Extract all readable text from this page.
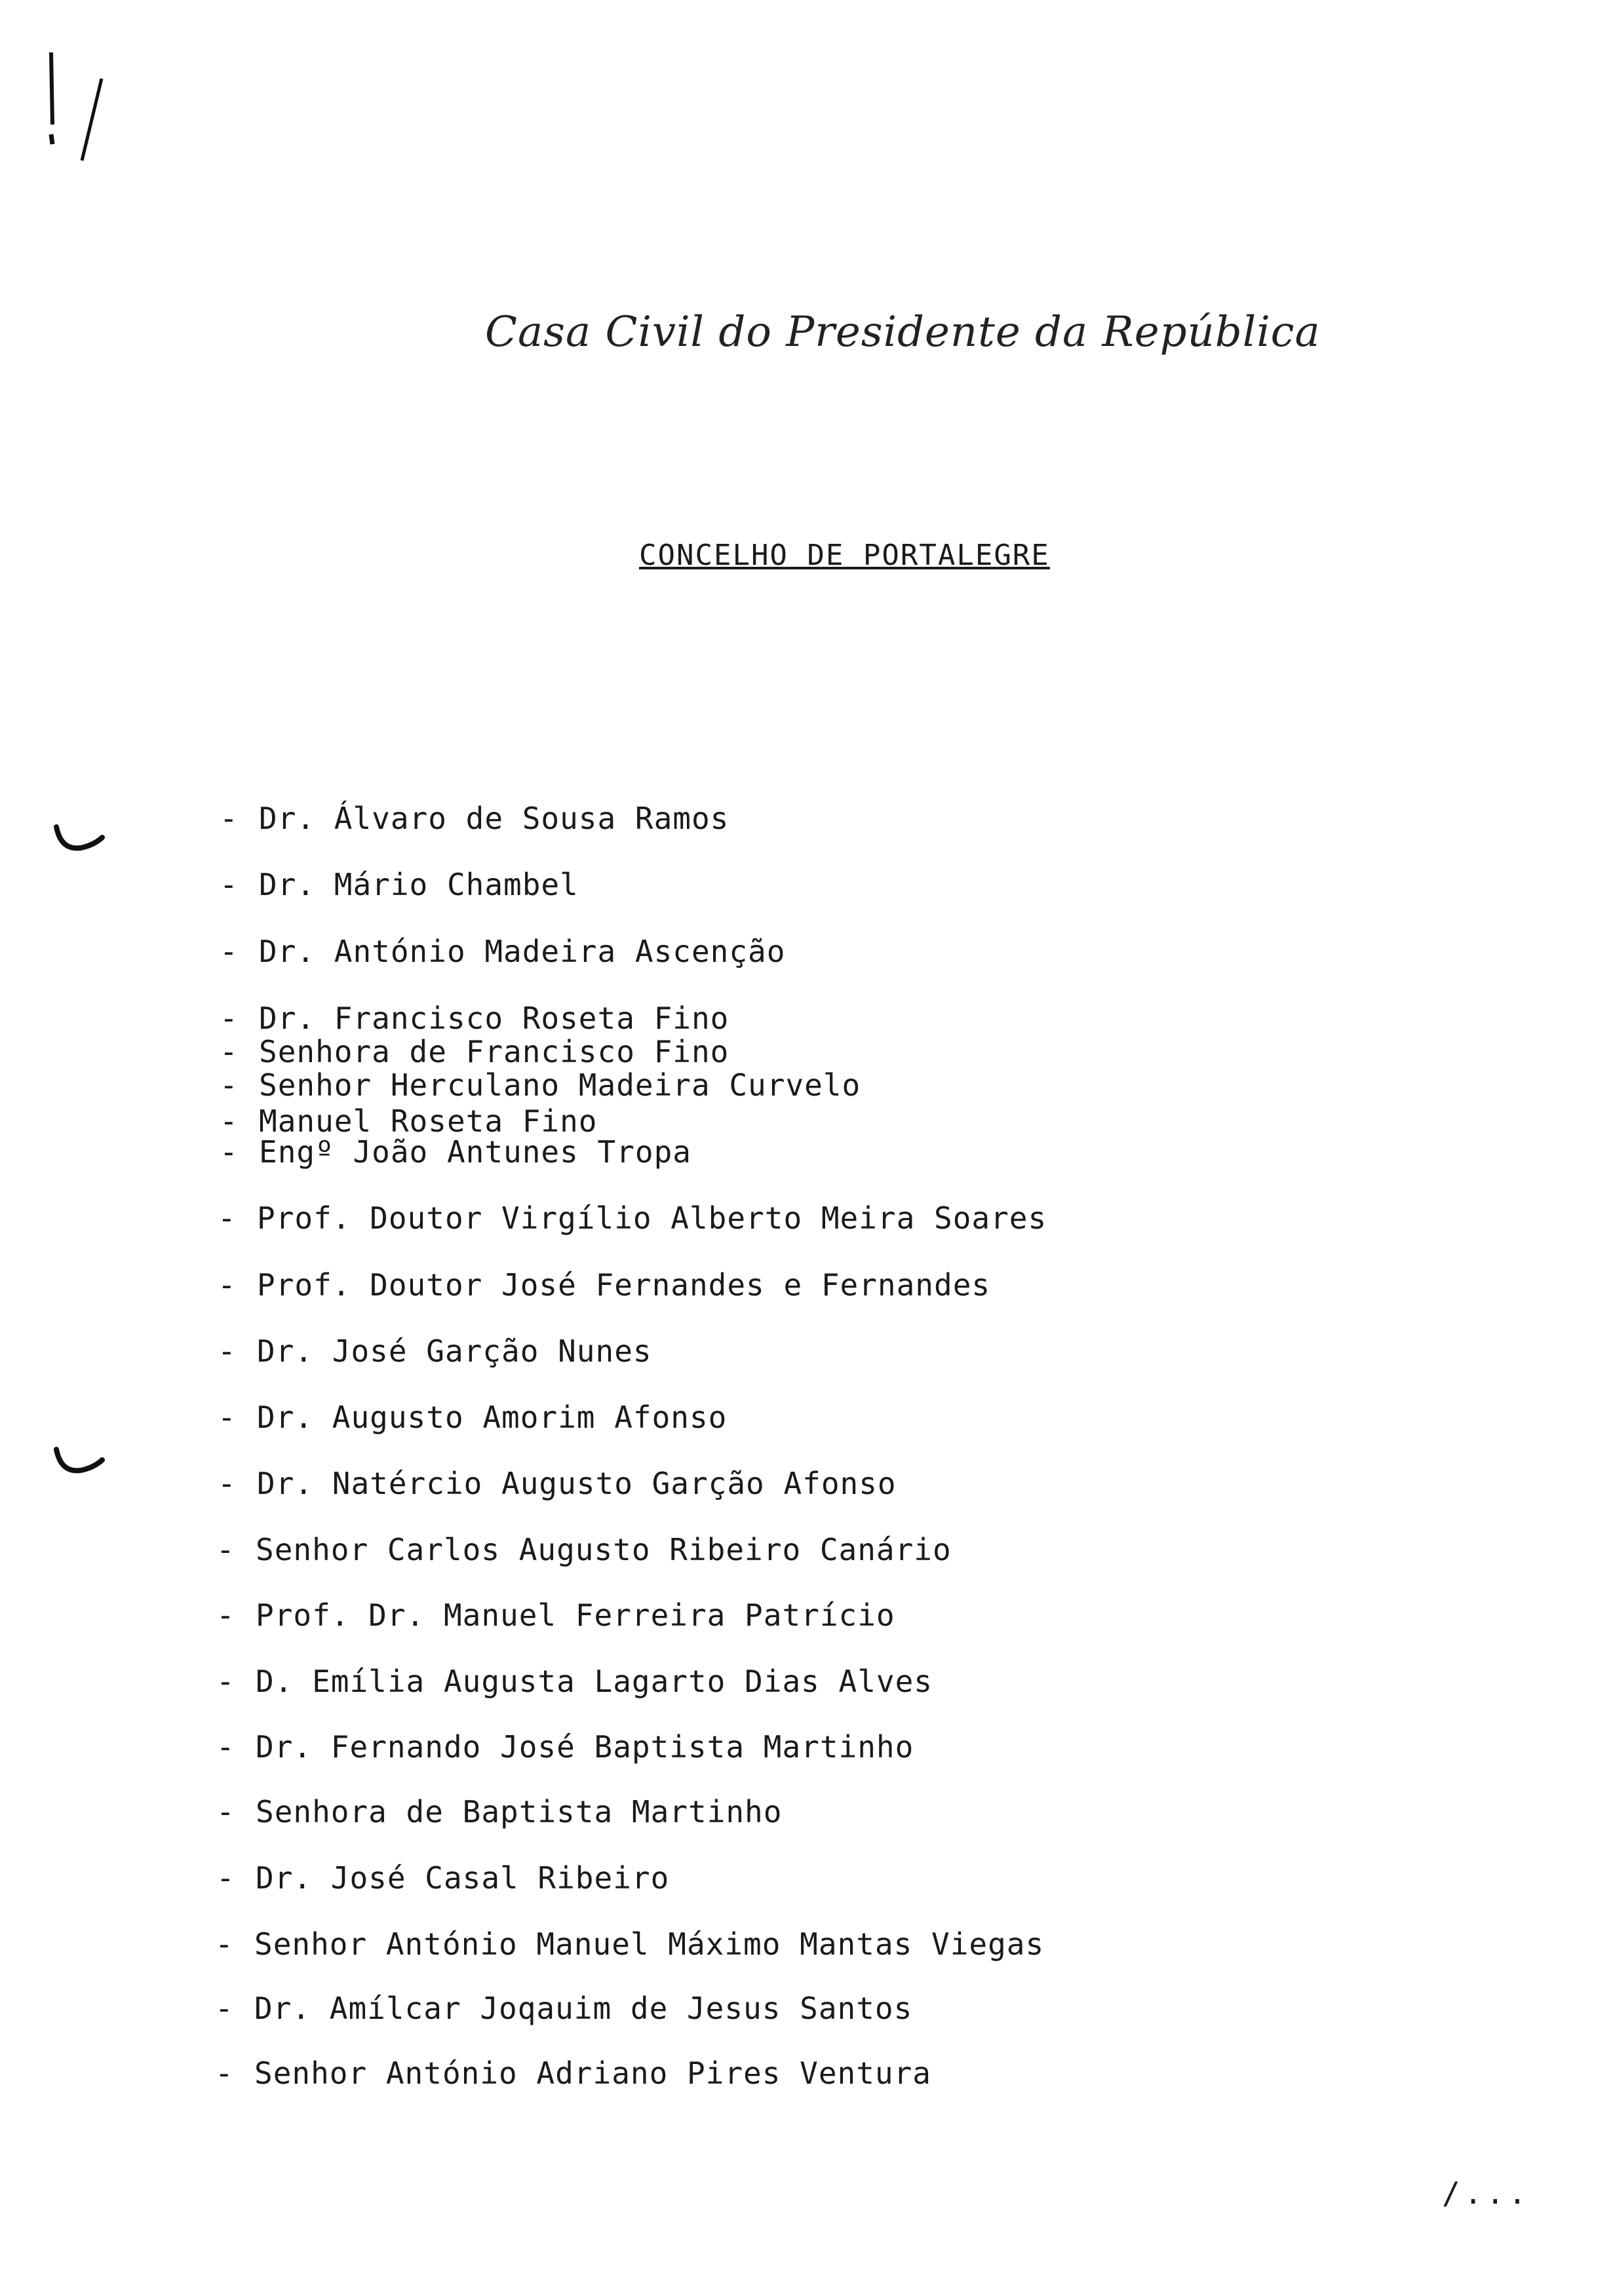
Casa Civil do Presidente da República
CONCELHO DE PORTALEGRE
- Dr. Álvaro de Sousa Ramos
- Dr. Mário Chambel
- Dr. António Madeira Ascenção
- Dr. Francisco Roseta Fino
- Senhora de Francisco Fino
- Senhor Herculano Madeira Curvelo
- Manuel Roseta Fino
- Engº João Antunes Tropa
- Prof. Doutor Virgílio Alberto Meira Soares
- Prof. Doutor José Fernandes e Fernandes
- Dr. José Garção Nunes
- Dr. Augusto Amorim Afonso
- Dr. Natércio Augusto Garção Afonso
- Senhor Carlos Augusto Ribeiro Canário
- Prof. Dr. Manuel Ferreira Patrício
- D. Emília Augusta Lagarto Dias Alves
- Dr. Fernando José Baptista Martinho
- Senhora de Baptista Martinho
- Dr. José Casal Ribeiro
- Senhor António Manuel Máximo Mantas Viegas
- Dr. Amílcar Joqauim de Jesus Santos
- Senhor António Adriano Pires Ventura
/...
